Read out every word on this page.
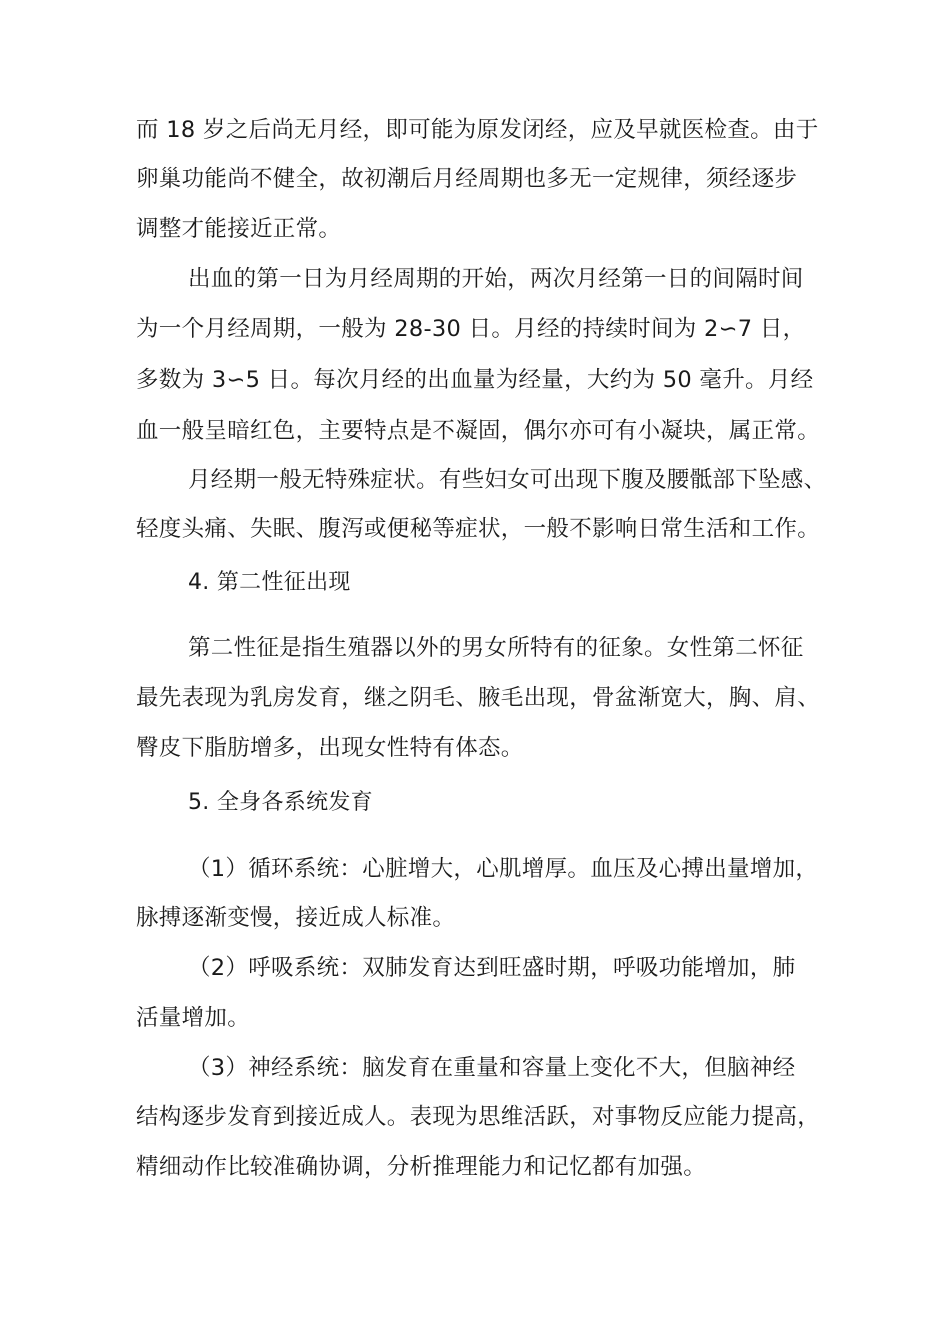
而 18 岁之后尚无月经，即可能为原发闭经，应及早就医检查。由于
卵巢功能尚不健全，故初潮后月经周期也多无一定规律，须经逐步
调整才能接近正常。
出血的第一日为月经周期的开始，两次月经第一日的间隔时间
为一个月经周期，一般为 28-30 日。月经的持续时间为 2∽7 日，
多数为 3∽5 日。每次月经的出血量为经量，大约为 50 毫升。月经
血一般呈暗红色，主要特点是不凝固，偶尔亦可有小凝块，属正常。
月经期一般无特殊症状。有些妇女可出现下腹及腰骶部下坠感、
轻度头痛、失眠、腹泻或便秘等症状，一般不影响日常生活和工作。
4. 第二性征出现
第二性征是指生殖器以外的男女所特有的征象。女性第二怀征
最先表现为乳房发育，继之阴毛、腋毛出现，骨盆渐宽大，胸、肩、
臀皮下脂肪增多，出现女性特有体态。
5. 全身各系统发育
（1）循环系统：心脏增大，心肌增厚。血压及心搏出量增加，
脉搏逐渐变慢，接近成人标准。
（2）呼吸系统：双肺发育达到旺盛时期，呼吸功能增加，肺
活量增加。
（3）神经系统：脑发育在重量和容量上变化不大，但脑神经
结构逐步发育到接近成人。表现为思维活跃，对事物反应能力提高，
精细动作比较准确协调，分析推理能力和记忆都有加强。
